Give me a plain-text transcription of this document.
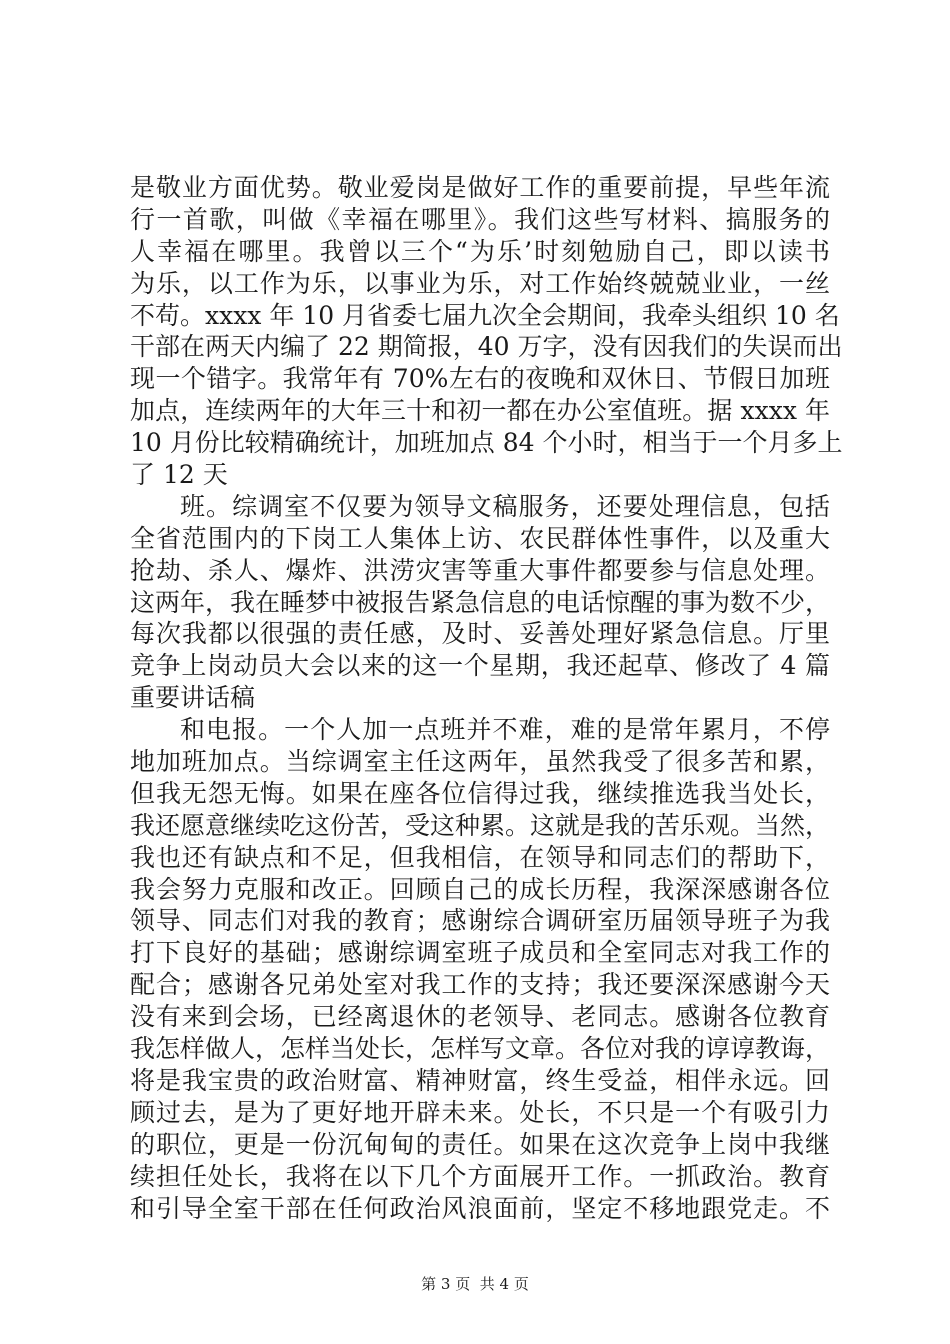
是敬业方面优势。敬业爱岗是做好工作的重要前提，早些年流
行一首歌，叫做《幸福在哪里》。我们这些写材料、搞服务的
人幸福在哪里。我曾以三个“为乐’时刻勉励自己，即以读书
为乐，以工作为乐，以事业为乐，对工作始终兢兢业业，一丝
不苟。xxxx 年 10 月省委七届九次全会期间，我牵头组织 10 名
干部在两天内编了 22 期简报，40 万字，没有因我们的失误而出
现一个错字。我常年有 70%左右的夜晚和双休日、节假日加班
加点，连续两年的大年三十和初一都在办公室值班。据 xxxx 年
10 月份比较精确统计，加班加点 84 个小时，相当于一个月多上
了 12 天
班。综调室不仅要为领导文稿服务，还要处理信息，包括
全省范围内的下岗工人集体上访、农民群体性事件，以及重大
抢劫、杀人、爆炸、洪涝灾害等重大事件都要参与信息处理。
这两年，我在睡梦中被报告紧急信息的电话惊醒的事为数不少，
每次我都以很强的责任感，及时、妥善处理好紧急信息。厅里
竞争上岗动员大会以来的这一个星期，我还起草、修改了 4 篇
重要讲话稿
和电报。一个人加一点班并不难，难的是常年累月，不停
地加班加点。当综调室主任这两年，虽然我受了很多苦和累，
但我无怨无悔。如果在座各位信得过我，继续推选我当处长，
我还愿意继续吃这份苦，受这种累。这就是我的苦乐观。当然，
我也还有缺点和不足，但我相信，在领导和同志们的帮助下，
我会努力克服和改正。回顾自己的成长历程，我深深感谢各位
领导、同志们对我的教育；感谢综合调研室历届领导班子为我
打下良好的基础；感谢综调室班子成员和全室同志对我工作的
配合；感谢各兄弟处室对我工作的支持；我还要深深感谢今天
没有来到会场，已经离退休的老领导、老同志。感谢各位教育
我怎样做人，怎样当处长，怎样写文章。各位对我的谆谆教诲，
将是我宝贵的政治财富、精神财富，终生受益，相伴永远。回
顾过去，是为了更好地开辟未来。处长，不只是一个有吸引力
的职位，更是一份沉甸甸的责任。如果在这次竞争上岗中我继
续担任处长，我将在以下几个方面展开工作。一抓政治。教育
和引导全室干部在任何政治风浪面前，坚定不移地跟党走。不
第 3 页  共 4 页
